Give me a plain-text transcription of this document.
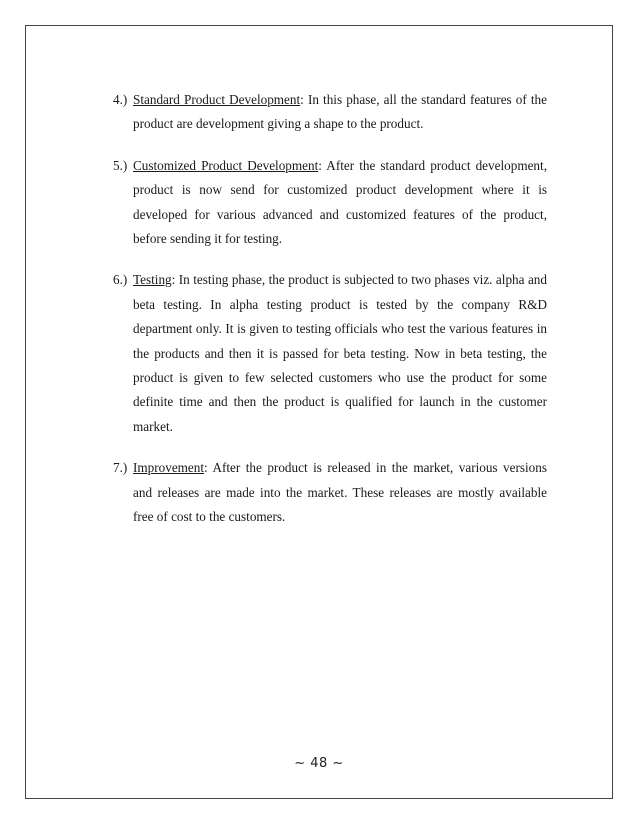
4.) Standard Product Development: In this phase, all the standard features of the product are development giving a shape to the product.
5.) Customized Product Development: After the standard product development, product is now send for customized product development where it is developed for various advanced and customized features of the product, before sending it for testing.
6.) Testing: In testing phase, the product is subjected to two phases viz. alpha and beta testing. In alpha testing product is tested by the company R&D department only. It is given to testing officials who test the various features in the products and then it is passed for beta testing. Now in beta testing, the product is given to few selected customers who use the product for some definite time and then the product is qualified for launch in the customer market.
7.) Improvement: After the product is released in the market, various versions and releases are made into the market. These releases are mostly available free of cost to the customers.
~ 48 ~
